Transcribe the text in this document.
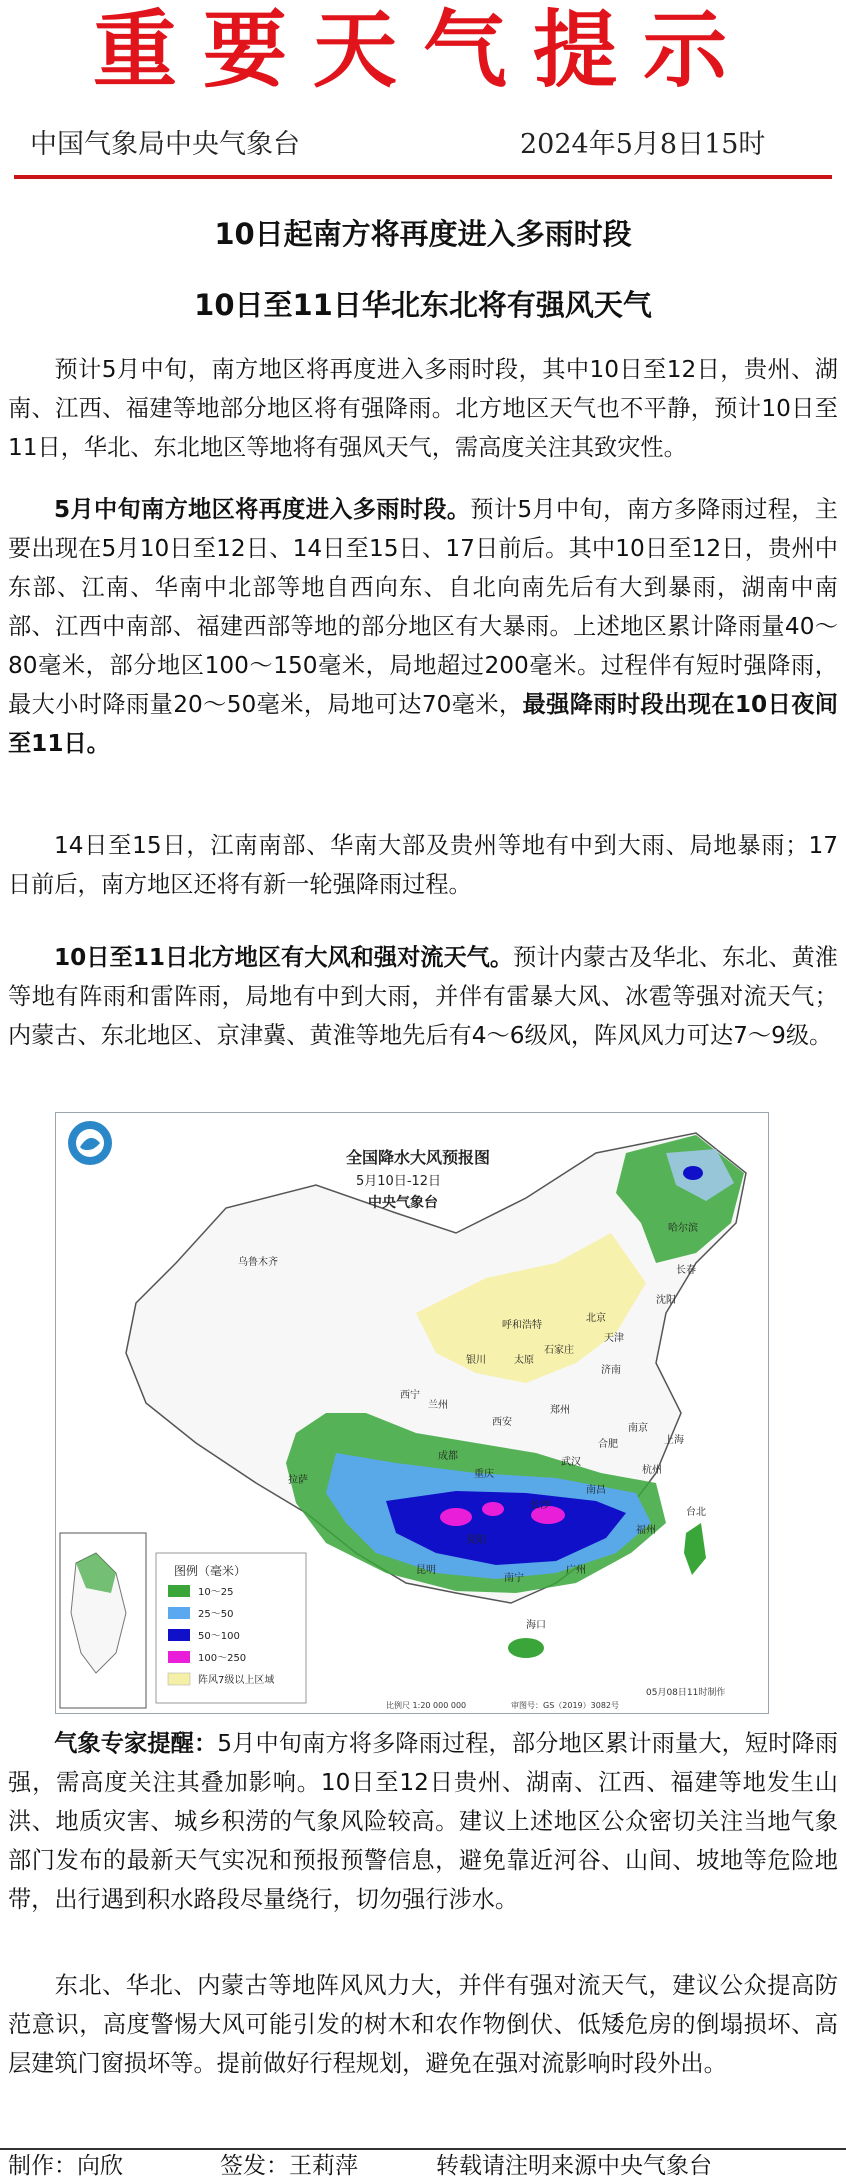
重要天气提示
中国气象局中央气象台	2024年5月8日15时
10日起南方将再度进入多雨时段
10日至11日华北东北将有强风天气
预计5月中旬，南方地区将再度进入多雨时段，其中10日至12日，贵州、湖南、江西、福建等地部分地区将有强降雨。北方地区天气也不平静，预计10日至11日，华北、东北地区等地将有强风天气，需高度关注其致灾性。
5月中旬南方地区将再度进入多雨时段。预计5月中旬，南方多降雨过程，主要出现在5月10日至12日、14日至15日、17日前后。其中10日至12日，贵州中东部、江南、华南中北部等地自西向东、自北向南先后有大到暴雨，湖南中南部、江西中南部、福建西部等地的部分地区有大暴雨。上述地区累计降雨量40～80毫米，部分地区100～150毫米，局地超过200毫米。过程伴有短时强降雨，最大小时降雨量20～50毫米，局地可达70毫米，最强降雨时段出现在10日夜间至11日。
14日至15日，江南南部、华南大部及贵州等地有中到大雨、局地暴雨；17日前后，南方地区还将有新一轮强降雨过程。
10日至11日北方地区有大风和强对流天气。预计内蒙古及华北、东北、黄淮等地有阵雨和雷阵雨，局地有中到大雨，并伴有雷暴大风、冰雹等强对流天气；内蒙古、东北地区、京津冀、黄淮等地先后有4～6级风，阵风风力可达7～9级。
全国降水大风预报图
5月10日-12日
中央气象台
乌鲁木齐
哈尔滨
长春
沈阳
呼和浩特
北京
天津
银川	太原
石家庄
济南
西宁
兰州
西安
郑州
合肥
南京
上海
武汉
成都
重庆
长沙
南昌
杭州
贵阳
昆明
南宁
广州
福州
台北
海口
拉萨
图例（毫米）
10～25
25～50
50～100
100～250
阵风7级以上区域
比例尺 1:20 000 000	审图号：GS（2019）3082号
05月08日11时制作
气象专家提醒：5月中旬南方将多降雨过程，部分地区累计雨量大，短时降雨强，需高度关注其叠加影响。10日至12日贵州、湖南、江西、福建等地发生山洪、地质灾害、城乡积涝的气象风险较高。建议上述地区公众密切关注当地气象部门发布的最新天气实况和预报预警信息，避免靠近河谷、山间、坡地等危险地带，出行遇到积水路段尽量绕行，切勿强行涉水。
东北、华北、内蒙古等地阵风风力大，并伴有强对流天气，建议公众提高防范意识，高度警惕大风可能引发的树木和农作物倒伏、低矮危房的倒塌损坏、高层建筑门窗损坏等。提前做好行程规划，避免在强对流影响时段外出。
制作：向欣	签发：王莉萍	转载请注明来源中央气象台
